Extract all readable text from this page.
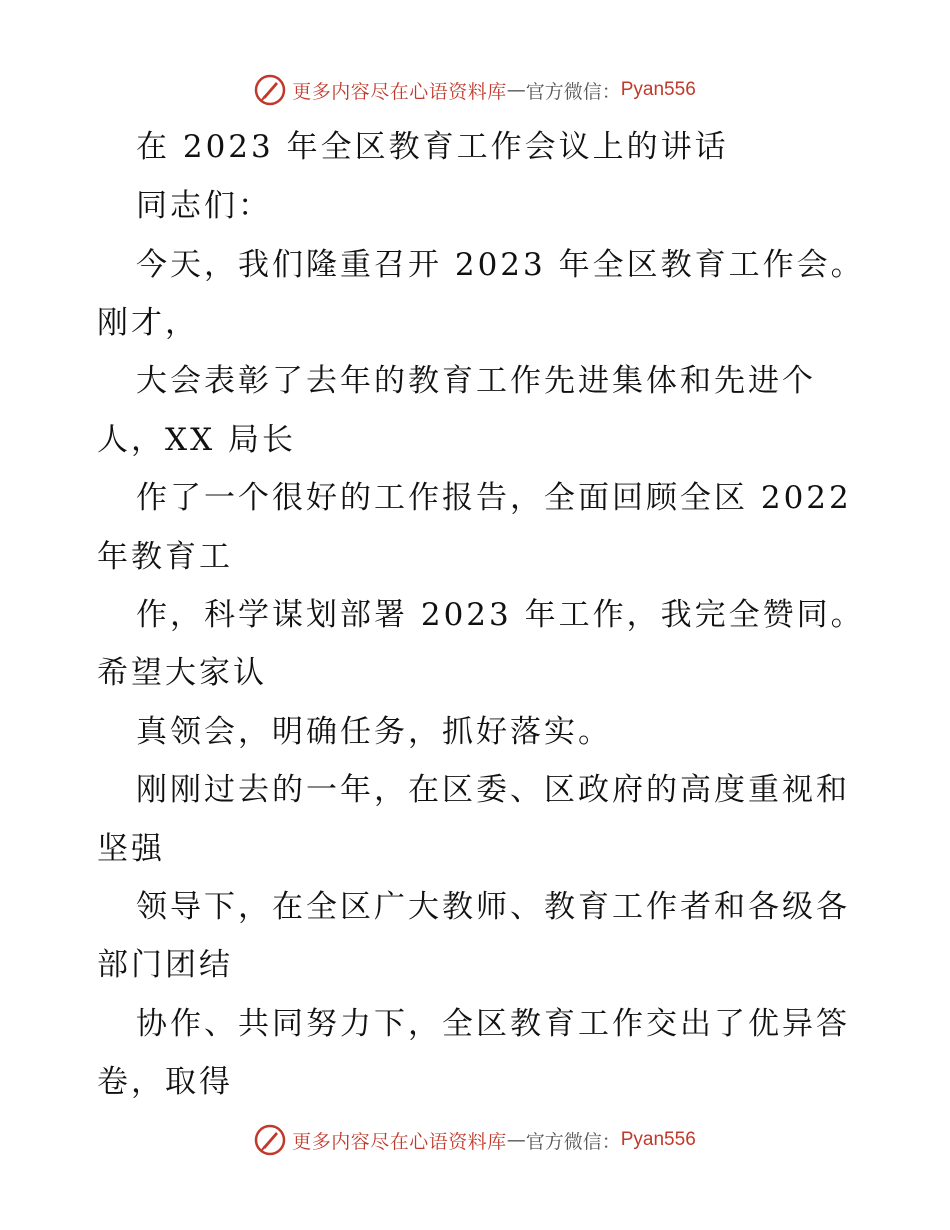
更多内容尽在心语资料库 — 官方微信： Pyan556
在 2023 年全区教育工作会议上的讲话
同志们：
今天，我们隆重召开 2023 年全区教育工作会。
刚才，
大会表彰了去年的教育工作先进集体和先进个
人，XX 局长
作了一个很好的工作报告，全面回顾全区 2022
年教育工
作，科学谋划部署 2023 年工作，我完全赞同。
希望大家认
真领会，明确任务，抓好落实。
刚刚过去的一年，在区委、区政府的高度重视和
坚强
领导下，在全区广大教师、教育工作者和各级各
部门团结
协作、共同努力下，全区教育工作交出了优异答
卷，取得
更多内容尽在心语资料库 — 官方微信： Pyan556
